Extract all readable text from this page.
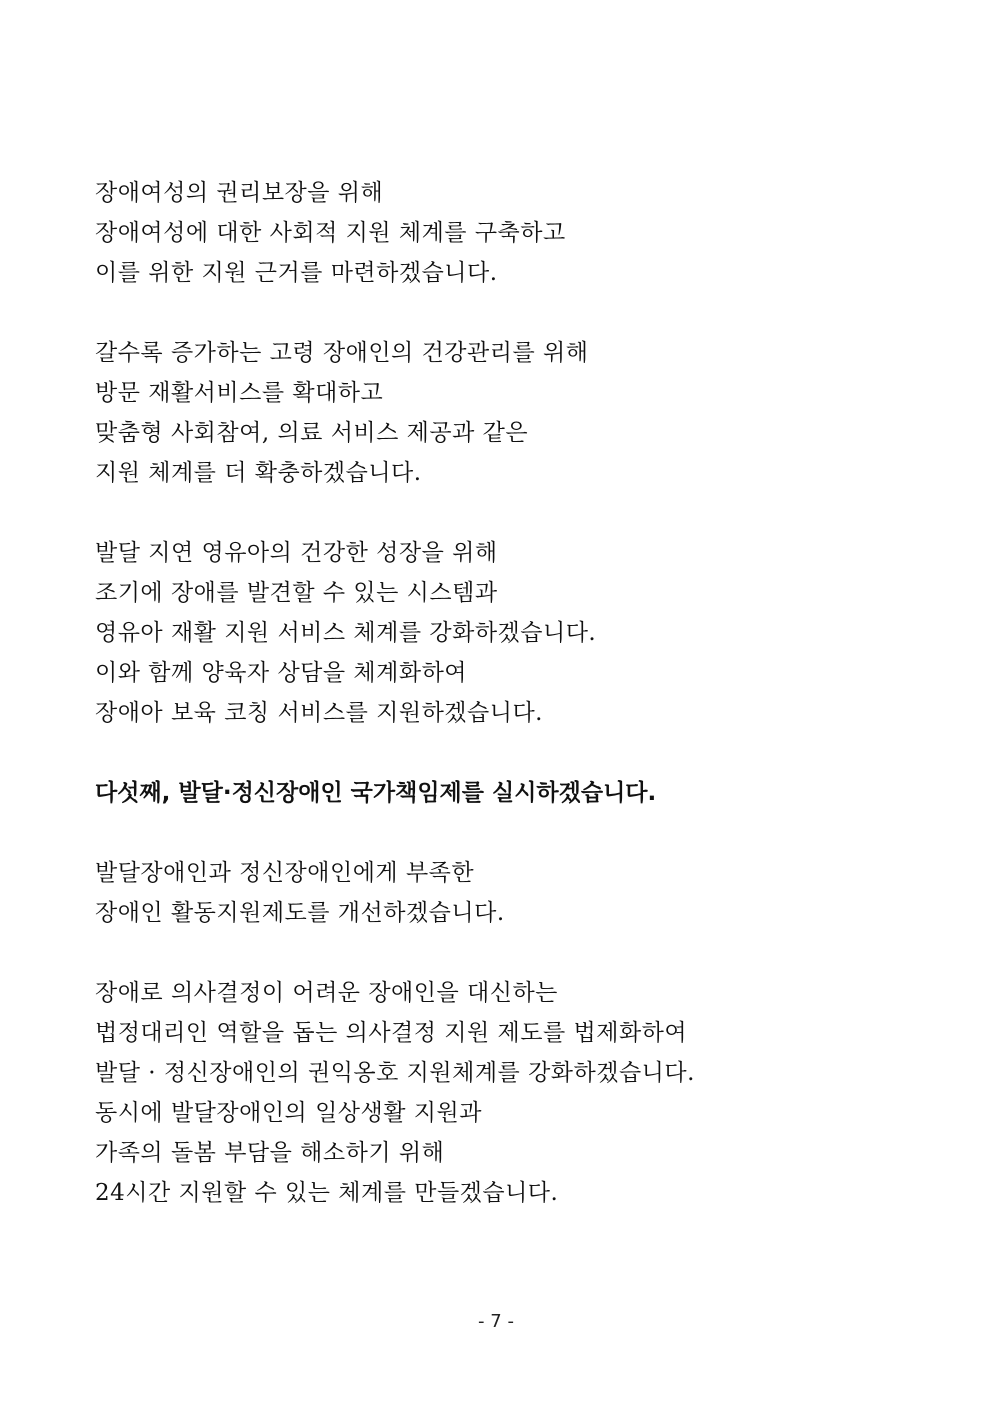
장애여성의 권리보장을 위해
장애여성에 대한 사회적 지원 체계를 구축하고
이를 위한 지원 근거를 마련하겠습니다.
갈수록 증가하는 고령 장애인의 건강관리를 위해
방문 재활서비스를 확대하고
맞춤형 사회참여, 의료 서비스 제공과 같은
지원 체계를 더 확충하겠습니다.
발달 지연 영유아의 건강한 성장을 위해
조기에 장애를 발견할 수 있는 시스템과
영유아 재활 지원 서비스 체계를 강화하겠습니다.
이와 함께 양육자 상담을 체계화하여
장애아 보육 코칭 서비스를 지원하겠습니다.
다섯째, 발달·정신장애인 국가책임제를 실시하겠습니다.
발달장애인과 정신장애인에게 부족한
장애인 활동지원제도를 개선하겠습니다.
장애로 의사결정이 어려운 장애인을 대신하는
법정대리인 역할을 돕는 의사결정 지원 제도를 법제화하여
발달 · 정신장애인의 권익옹호 지원체계를 강화하겠습니다.
동시에 발달장애인의 일상생활 지원과
가족의 돌봄 부담을 해소하기 위해
24시간 지원할 수 있는 체계를 만들겠습니다.
- 7 -
